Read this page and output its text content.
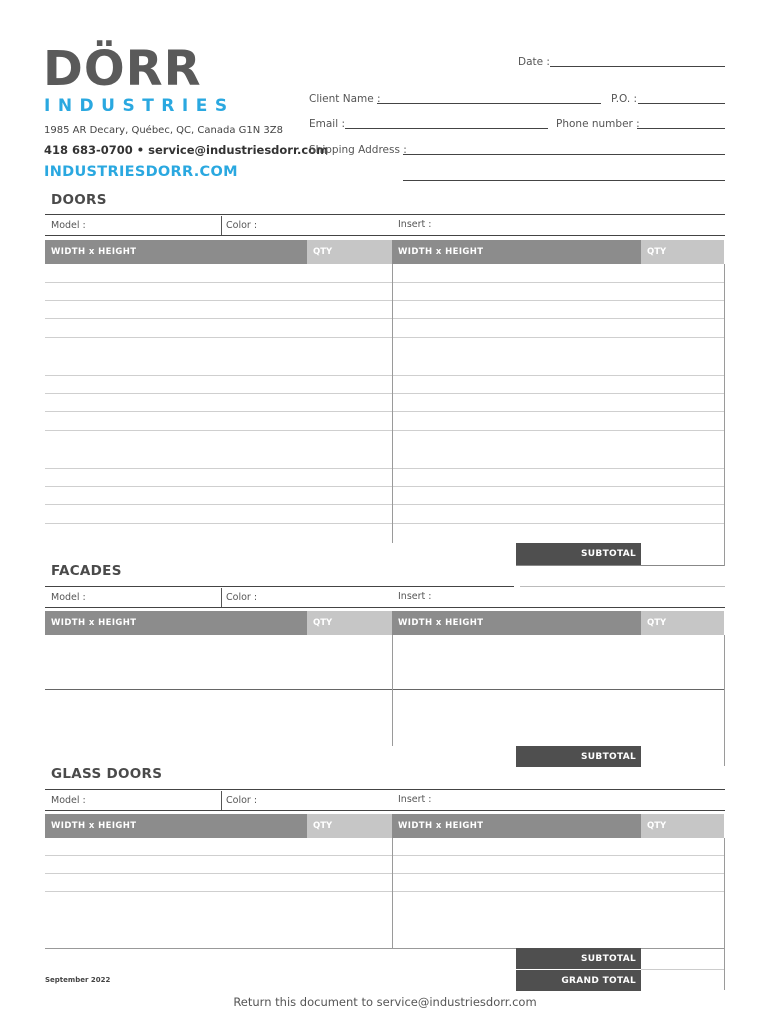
DÖRR
INDUSTRIES
1985 AR Decary, Québec, QC, Canada G1N 3Z8
418 683-0700 • service@industriesdorr.com
INDUSTRIESDORR.COM
Date :
Client Name :	P.O. :
Email :	Phone number :
Shipping Address :
DOORS
Model :	Color :	Insert :
WIDTH x HEIGHT	QTY	WIDTH x HEIGHT	QTY
SUBTOTAL
FACADES
Model :	Color :	Insert :
WIDTH x HEIGHT	QTY	WIDTH x HEIGHT	QTY
SUBTOTAL
GLASS DOORS
Model :	Color :	Insert :
WIDTH x HEIGHT	QTY	WIDTH x HEIGHT	QTY
SUBTOTAL
GRAND TOTAL
September 2022
Return this document to service@industriesdorr.com
